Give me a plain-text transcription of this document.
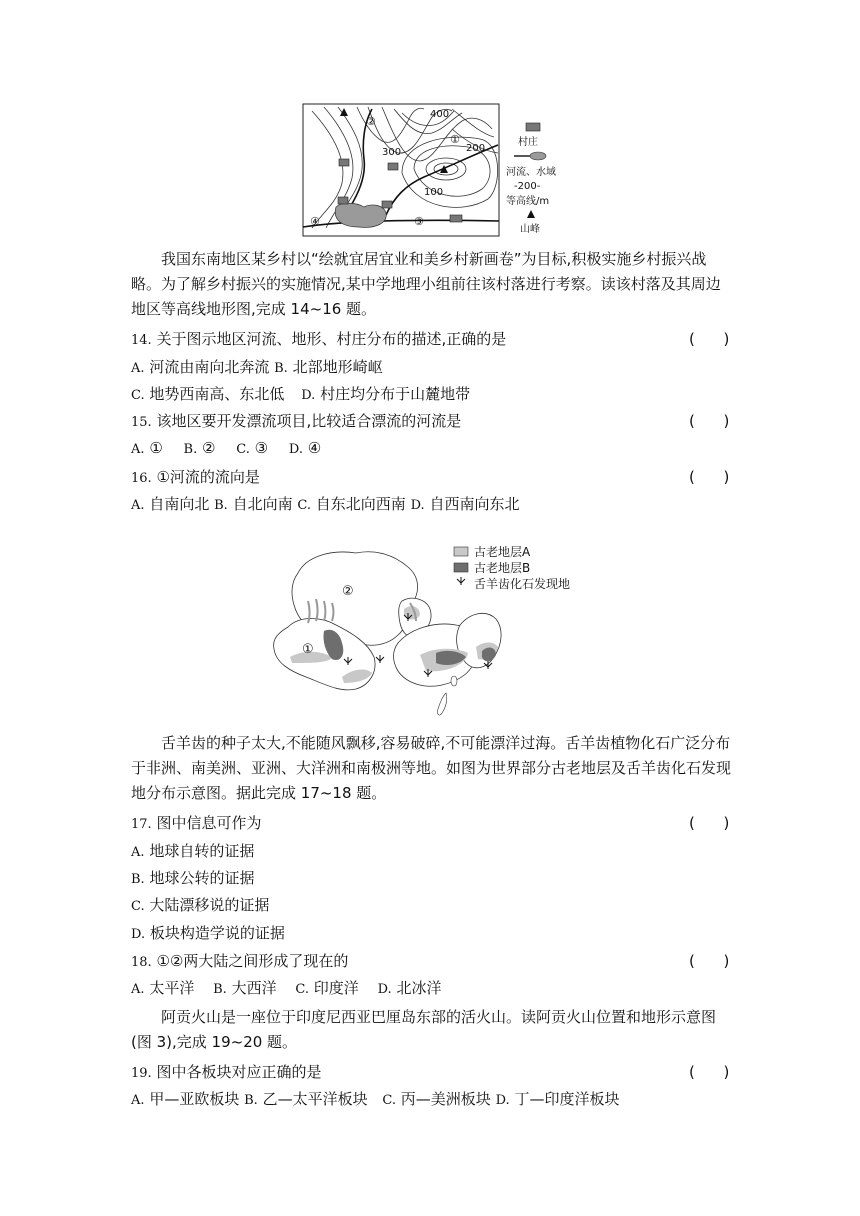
400
300	200
100
②
①
④	③
村庄
河流、水域
-200-
等高线/m
山峰
我国东南地区某乡村以“绘就宜居宜业和美乡村新画卷”为目标,积极实施乡村振兴战
略。为了解乡村振兴的实施情况,某中学地理小组前往该村落进行考察。读该村落及其周边
地区等高线地形图,完成 14~16 题。
14. 关于图示地区河流、地形、村庄分布的描述,正确的是	(      )
A. 河流由南向北奔流 B. 北部地形崎岖
C. 地势西南高、东北低 D. 村庄均分布于山麓地带
15. 该地区要开发漂流项目,比较适合漂流的河流是	(      )
A. ① B. ② C. ③ D. ④
16. ①河流的流向是	(      )
A. 自南向北 B. 自北向南 C. 自东北向西南 D. 自西南向东北
②
①
古老地层A
古老地层B
舌羊齿化石发现地
舌羊齿的种子太大,不能随风飘移,容易破碎,不可能漂洋过海。舌羊齿植物化石广泛分布
于非洲、南美洲、亚洲、大洋洲和南极洲等地。如图为世界部分古老地层及舌羊齿化石发现
地分布示意图。据此完成 17~18 题。
17. 图中信息可作为	(      )
A. 地球自转的证据
B. 地球公转的证据
C. 大陆漂移说的证据
D. 板块构造学说的证据
18. ①②两大陆之间形成了现在的	(      )
A. 太平洋 B. 大西洋 C. 印度洋 D. 北冰洋
阿贡火山是一座位于印度尼西亚巴厘岛东部的活火山。读阿贡火山位置和地形示意图
(图 3),完成 19~20 题。
19. 图中各板块对应正确的是	(      )
A. 甲—亚欧板块 B. 乙—太平洋板块 C. 丙—美洲板块 D. 丁—印度洋板块
